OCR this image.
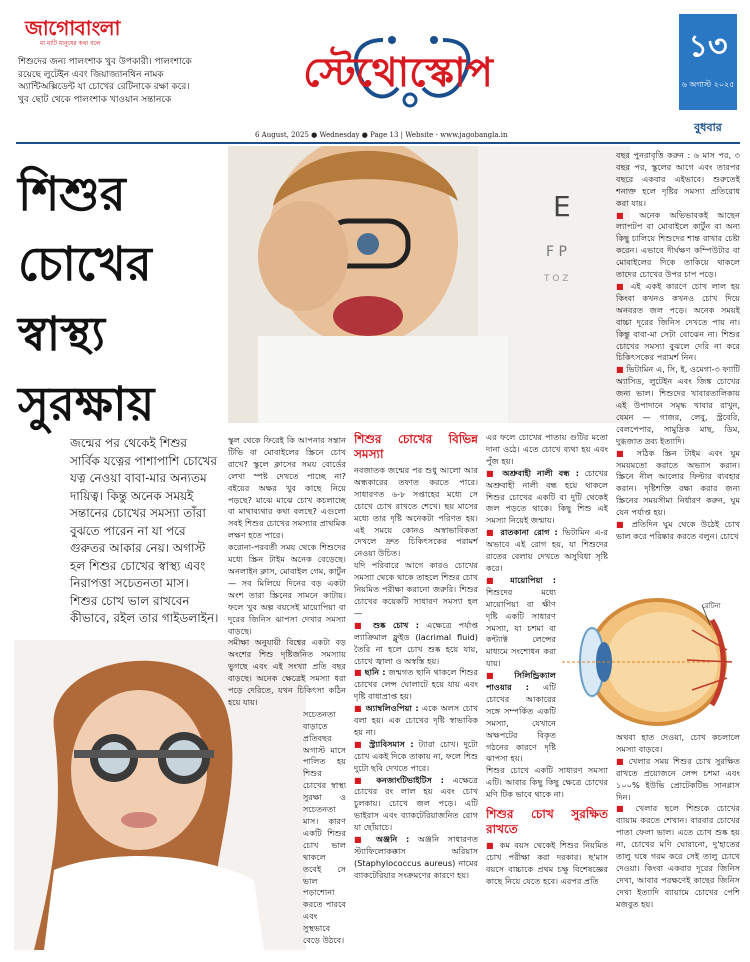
জাগোবাংলা
মা মাটি মানুষের কথা বলে
শিশুদের জন্য পালংশাক খুব উপকারী। পালংশাকে রয়েছে লুটেইন এবং জিয়াজ্যানথিন নামক অ্যান্টিঅক্সিডেন্ট যা চোখের রেটিনাকে রক্ষা করে। খুব ছোট থেকে পালংশাক খাওয়ান সন্তানকে
স্টেথোস্কোপ
6 August, 2025 ● Wednesday ● Page 13 | Website - www.jagobangla.in
১৩
৬ অগাস্ট ২০২৫
বুধবার
শিশুর
চোখের
স্বাস্থ্য
সুরক্ষায়
জন্মের পর থেকেই শিশুর সার্বিক যত্নের পাশাপাশি চোখের যত্ন নেওয়া বাবা-মার অন্যতম দায়িত্ব। কিন্তু অনেক সময়ই সন্তানের চোখের সমস্যা তাঁরা বুঝতে পারেন না যা পরে গুরুতর আকার নেয়। অগাস্ট হল শিশুর চোখের স্বাস্থ্য এবং নিরাপত্তা সচেতনতা মাস। শিশুর চোখ ভাল রাখবেন কীভাবে, রইল তার গাইডলাইন।
E
F P
T O Z

স্কুল থেকে ফিরেই কি আপনার সন্তান টিভি বা মোবাইলের স্ক্রিনে চোখ রাখে? স্কুলে ক্লাসের সময় বোর্ডের লেখা স্পষ্ট দেখতে পাচ্ছে না? বইয়ের অক্ষর খুব কাছে নিয়ে পড়ছে? মাঝে মাঝে চোখ কচলাচ্ছে বা মাথাব্যথার কথা বলছে? এগুলো সবই শিশুর চোখের সমস্যার প্রাথমিক লক্ষণ হতে পারে।

করোনা-পরবর্তী সময় থেকে শিশুদের মধ্যে স্ক্রিন টাইম অনেক বেড়েছে। অনলাইন ক্লাস, মোবাইল গেম, কার্টুন — সব মিলিয়ে দিনের বড় একটা অংশ তারা স্ক্রিনের সামনে কাটায়। ফলে খুব অল্প বয়সেই মায়োপিয়া বা দূরের জিনিস ঝাপসা দেখার সমস্যা বাড়ছে।

সমীক্ষা অনুযায়ী বিশ্বের একটা বড় অংশের শিশু দৃষ্টিজনিত সমস্যায় ভুগছে এবং এই সংখ্যা প্রতি বছর বাড়ছে। অনেক ক্ষেত্রেই সমস্যা ধরা পড়ে দেরিতে, যখন চিকিৎসা কঠিন হয়ে যায়।

সচেতনতা বাড়াতে প্রতিবছর অগাস্ট মাসে পালিত হয় শিশুর চোখের স্বাস্থ্য সুরক্ষা ও সচেতনতা মাস। কারণ একটি শিশুর চোখ ভাল থাকলে তবেই সে ভাল পড়াশোনা করতে পারবে এবং সুস্থভাবে বেড়ে উঠবে।

শিশুর চোখের বিভিন্ন সমস্যা

নবজাতক জন্মের পর শুধু আলো আর অন্ধকারের তফাত করতে পারে। সাধারণত ৬-৮ সপ্তাহের মধ্যে সে চোখে চোখ রাখতে শেখে। ছয় মাসের মধ্যে তার দৃষ্টি অনেকটা পরিণত হয়। এই সময়ে কোনও অস্বাভাবিকতা দেখলে দ্রুত চিকিৎসকের পরামর্শ নেওয়া উচিত।

যদি পরিবারে আগে কারও চোখের সমস্যা থেকে থাকে তাহলে শিশুর চোখ নিয়মিত পরীক্ষা করানো জরুরি। শিশুর চোখের কয়েকটি সাধারণ সমস্যা হল —

■ শুষ্ক চোখ : এক্ষেত্রে পর্যাপ্ত ল্যাক্রিমাল ফ্লুইড (lacrimal fluid) তৈরি না হলে চোখ শুষ্ক হয়ে যায়, চোখে জ্বালা ও অস্বস্তি হয়।

■ ছানি : জন্মগত ছানি থাকলে শিশুর চোখের লেন্স ঘোলাটে হয়ে যায় এবং দৃষ্টি বাধাপ্রাপ্ত হয়।

■ অ্যাম্বলিওপিয়া : একে অলস চোখ বলা হয়। এক চোখের দৃষ্টি স্বাভাবিক হয় না।

■ স্ট্র্যাবিসমাস : ট্যারা চোখ। দুটো চোখ একই দিকে তাকায় না, ফলে শিশু দুটো ছবি দেখতে পারে।

■ কনজাংটিভাইটিস : এক্ষেত্রে চোখের রং লাল হয় এবং চোখ চুলকায়। চোখে জল পড়ে। এটি ভাইরাস এবং ব্যাকটেরিয়াজনিত রোগ যা ছোঁয়াচে।

■ অঞ্জনি : অঞ্জনি সাধারণত স্ট্যাফিলোকক্কাস অরিয়াস (Staphylococcus aureus) নামের ব্যাকটেরিয়ার সংক্রমণের কারণে হয়।

এর ফলে চোখের পাতায় গুটির মতো দানা ওঠে। এতে চোখে ব্যথা হয় এবং পুঁজ হয়।

■ অশ্রুবাহী নালী বন্ধ : চোখের অশ্রুবাহী নালী বন্ধ হয়ে থাকলে শিশুর চোখের একটি বা দুটি থেকেই জল পড়তে থাকে। কিছু শিশু এই সমস্যা নিয়েই জন্মায়।

■ রাতকানা রোগ : ভিটামিন এ-র অভাবে এই রোগ হয়, যা শিশুদের রাতের বেলায় দেখতে অসুবিধা সৃষ্টি করে।

■ মায়োপিয়া : শিশুদের মধ্যে মায়োপিয়া বা ক্ষীণ দৃষ্টি একটি সাধারণ সমস্যা, যা চশমা বা কন্ট্যাক্ট লেন্সের মাধ্যমে সংশোধন করা যায়।

■ সিলিন্ড্রিক্যাল পাওয়ার : এটি চোখের আকারের সঙ্গে সম্পর্কিত একটি সমস্যা, যেখানে অক্ষপটের বিকৃত গঠনের কারণে দৃষ্টি ঝাপসা হয়।

শিশুর চোখে একটি সাধারণ সমস্যা এটি। আবার কিছু কিছু ক্ষেত্রে চোখের মণি টিক ভাবে থাকে না।

শিশুর চোখ সুরক্ষিত রাখতে

■ কম বয়স থেকেই শিশুর নিয়মিত চোখ পরীক্ষা করা দরকার। ছ'মাস বয়সে বাচ্চাকে প্রথম চক্ষু বিশেষজ্ঞের কাছে নিয়ে যেতে হবে। এরপর প্রতি

বছর পুনরাবৃত্তি করুন : ৬ মাস পর, ৩ বছর পর, স্কুলের আগে এবং তারপর বছরে একবার এইভাবে। শুরুতেই শনাক্ত হলে দৃষ্টির সমস্যা প্রতিরোধ করা যায়।

■ অনেক অভিভাবকই আছেন ল্যাপটপ বা মোবাইলে কার্টুন বা অন্য কিছু চালিয়ে শিশুদের শান্ত রাখার চেষ্টা করেন। এভাবে দীর্ঘক্ষণ কম্পিউটার বা মোবাইলের দিকে তাকিয়ে থাকলে তাদের চোখের উপর চাপ পড়ে।

■ এই একই কারণে চোখ লাল হয় কিংবা কখনও কখনও চোখ দিয়ে অনবরত জল পড়ে। অনেক সময়ই বাচ্চা দূরের জিনিস দেখতে পায় না। কিন্তু বাবা-মা সেটা বোঝেন না। শিশুর চোখের সমস্যা বুঝলে দেরি না করে চিকিৎসকের পরামর্শ নিন।

■ ভিটামিন এ, সি, ই, ওমেগা-৩ ফ্যাটি অ্যাসিড, লুটেইন এবং জিঙ্ক চোখের জন্য ভাল। শিশুদের খাবারতালিকায় এই উপাদানে সমৃদ্ধ খাবার রাখুন, যেমন — গাজর, লেবু, স্ট্রবেরি, বেলপেপার, সামুদ্রিক মাছ, ডিম, দুগ্ধজাত দ্রব্য ইত্যাদি।

■ সঠিক স্ক্রিন টাইম এবং ঘুম সময়মতো করাতে অভ্যাস করান। স্ক্রিনে নীল আলোর ফিল্টার ব্যবহার করান। দৃষ্টিশক্তি রক্ষা করার জন্য স্ক্রিনের সময়সীমা নির্ধারণ করুন, ঘুম যেন পর্যাপ্ত হয়।

■ প্রতিদিন ঘুম থেকে উঠেই চোখ ভাল করে পরিষ্কার করতে বলুন। চোখে

রেটিনা

অথবা হাত দেওয়া, চোখ কচলালে সমস্যা বাড়বে।

■ খেলার সময় শিশুর চোখ সুরক্ষিত রাখতে প্রয়োজনে লেন্স চশমা এবং ১০০% ইউভি প্রোটেকটিভ সানগ্লাস দিন।

■ খেলার ছলে শিশুকে চোখের ব্যায়াম করতে শেখান। বারবার চোখের পাতা ফেলা ভাল। এতে চোখ শুষ্ক হয় না, চোখের মণি ঘোরানো, দু'হাতের তালু ঘষে গরম করে সেই তালু চোখে দেওয়া। কিংবা একবার দূরের জিনিস দেখা, আবার পরক্ষণেই কাছের জিনিস দেখা ইত্যাদি ব্যায়ামে চোখের পেশি মজবুত হয়।
